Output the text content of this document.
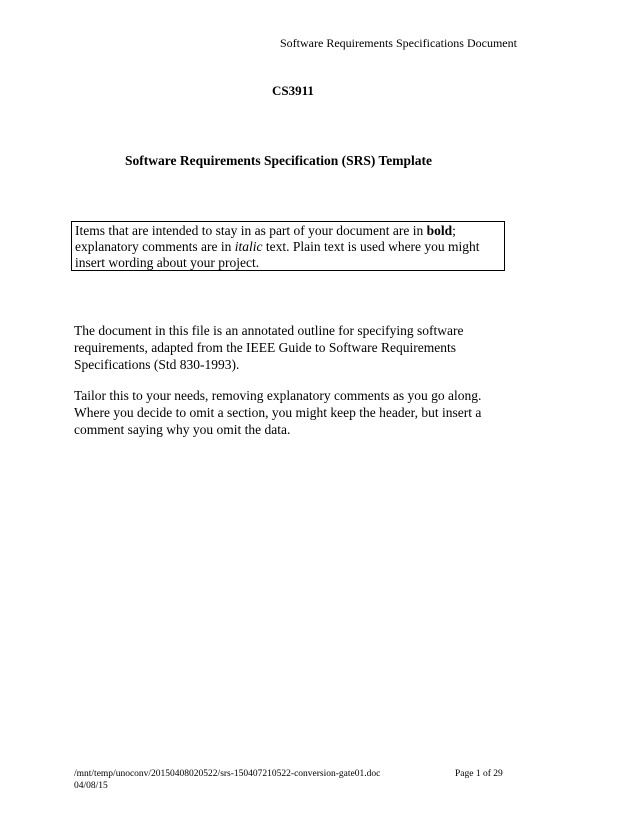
Software Requirements Specifications Document
CS3911
Software Requirements Specification (SRS) Template

Items that are intended to stay in as part of your document are in bold; explanatory comments are in italic text. Plain text is used where you might insert wording about your project.

The document in this file is an annotated outline for specifying software
requirements, adapted from the IEEE Guide to Software Requirements
Specifications (Std 830-1993).

Tailor this to your needs, removing explanatory comments as you go along.
Where you decide to omit a section, you might keep the header, but insert a
comment saying why you omit the data.

/mnt/temp/unoconv/20150408020522/srs-150407210522-conversion-gate01.doc	Page 1 of 29
04/08/15
